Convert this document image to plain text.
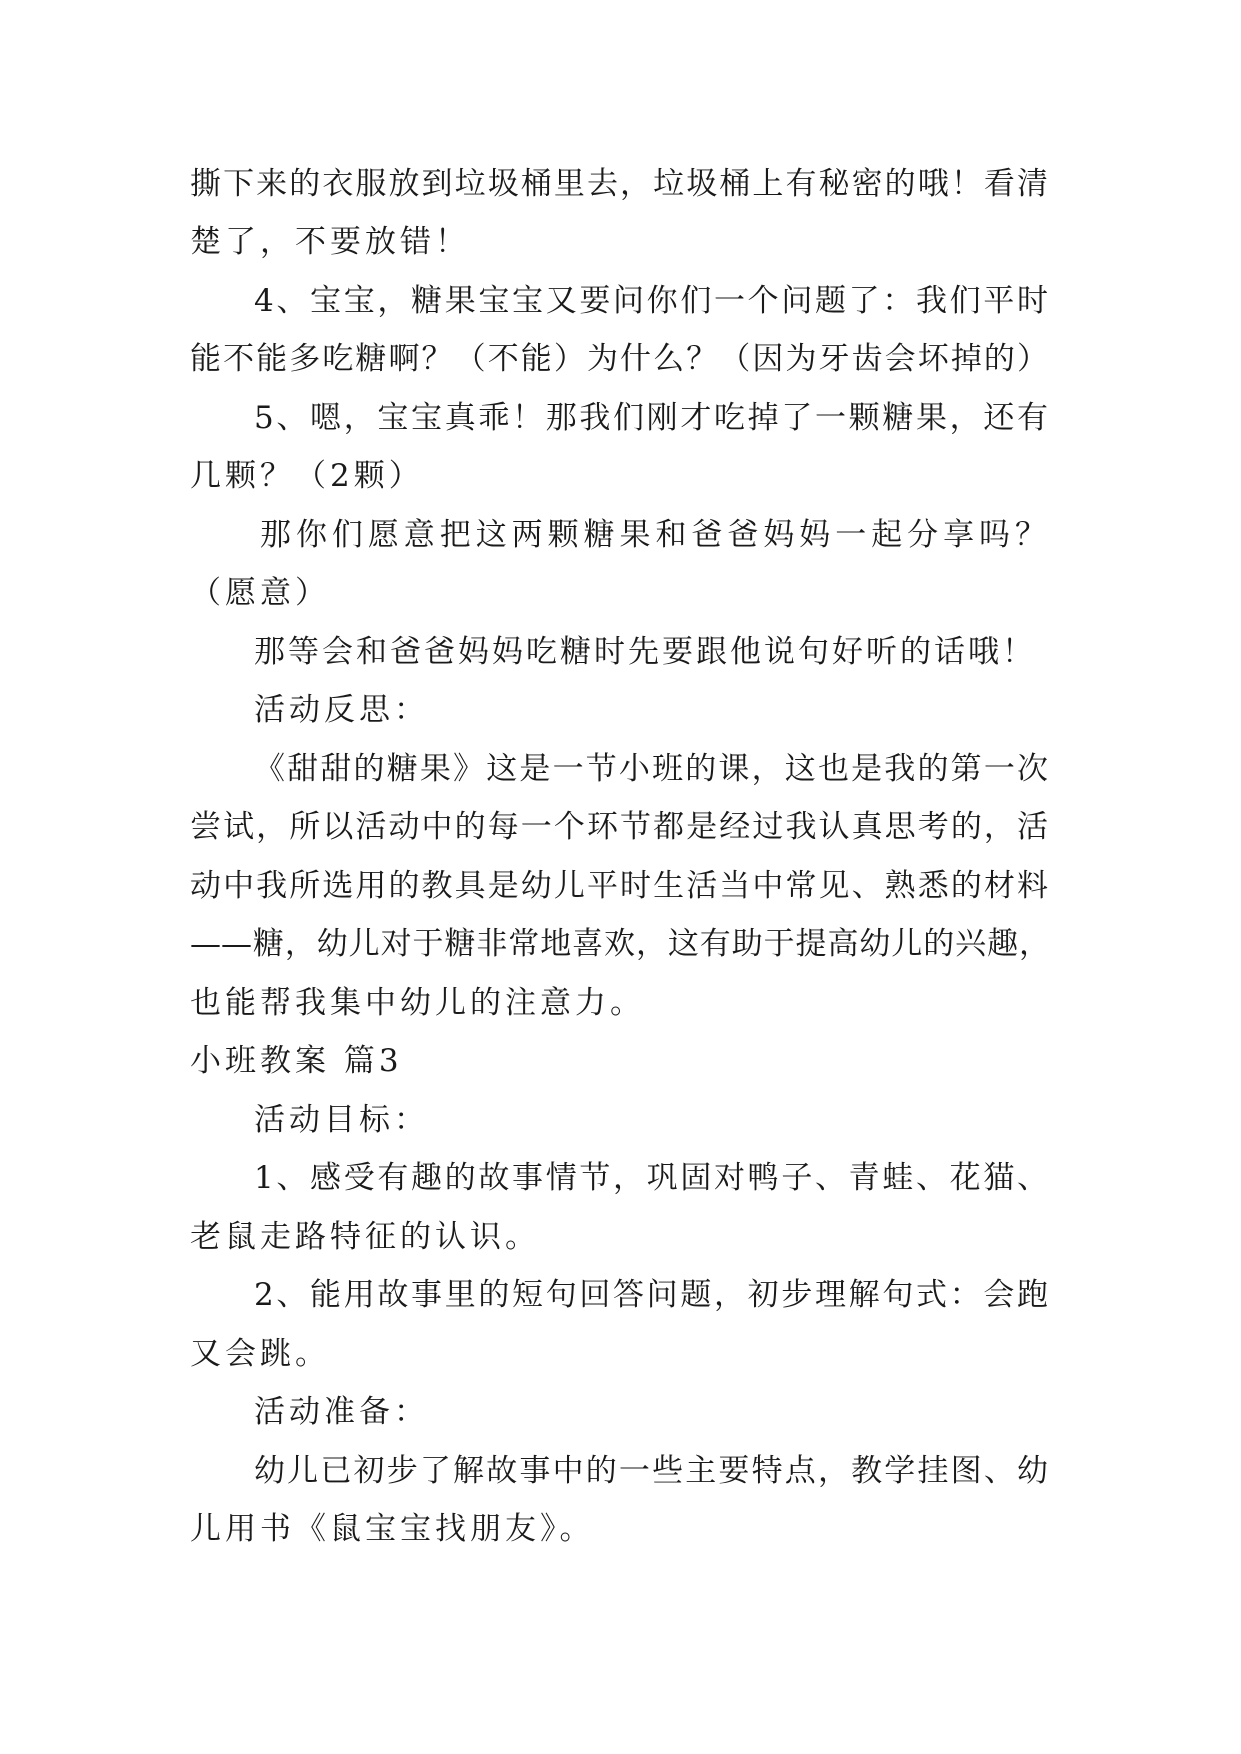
撕下来的衣服放到垃圾桶里去，垃圾桶上有秘密的哦！看清
楚了，不要放错！
4、宝宝，糖果宝宝又要问你们一个问题了：我们平时
能不能多吃糖啊？（不能）为什么？（因为牙齿会坏掉的）
5、嗯，宝宝真乖！那我们刚才吃掉了一颗糖果，还有
几颗？（2颗）
那你们愿意把这两颗糖果和爸爸妈妈一起分享吗？
（愿意）
那等会和爸爸妈妈吃糖时先要跟他说句好听的话哦！
活动反思：
《甜甜的糖果》这是一节小班的课，这也是我的第一次
尝试，所以活动中的每一个环节都是经过我认真思考的，活
动中我所选用的教具是幼儿平时生活当中常见、熟悉的材料
——糖，幼儿对于糖非常地喜欢，这有助于提高幼儿的兴趣，
也能帮我集中幼儿的注意力。
小班教案 篇3
活动目标：
1、感受有趣的故事情节，巩固对鸭子、青蛙、花猫、
老鼠走路特征的认识。
2、能用故事里的短句回答问题，初步理解句式：会跑
又会跳。
活动准备：
幼儿已初步了解故事中的一些主要特点，教学挂图、幼
儿用书《鼠宝宝找朋友》。
